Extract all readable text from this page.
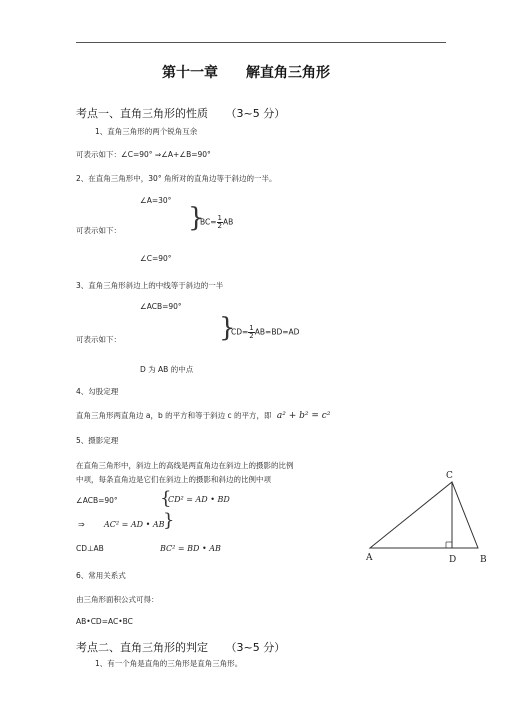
第十一章　　解直角三角形
考点一、直角三角形的性质 （3~5 分）
1、直角三角形的两个锐角互余
可表示如下：∠C=90° ⇒∠A+∠B=90°
2、在直角三角形中，30° 角所对的直角边等于斜边的一半。
∠A=30°
可表示如下：	}
$BC= \frac{1}{2}$ AB
∠C=90°
3、直角三角形斜边上的中线等于斜边的一半
∠ACB=90°
可表示如下：	}
$CD= \frac{1}{2} AB=BD=AD$
D 为 AB 的中点
4、勾股定理
直角三角形两直角边 a，b 的平方和等于斜边 c 的平方，即 a² + b² = c²
5、摄影定理
在直角三角形中，斜边上的高线是两直角边在斜边上的摄影的比例
中项，每条直角边是它们在斜边上的摄影和斜边的比例中项
∠ACB=90° {
CD² = AD • BD
⇒ AC² = AD • AB
}
CD⊥AB	BC² = BD • AB
C
A	D	B
6、常用关系式
由三角形面积公式可得：
AB•CD=AC•BC
考点二、直角三角形的判定 （3~5 分）
1、有一个角是直角的三角形是直角三角形。
